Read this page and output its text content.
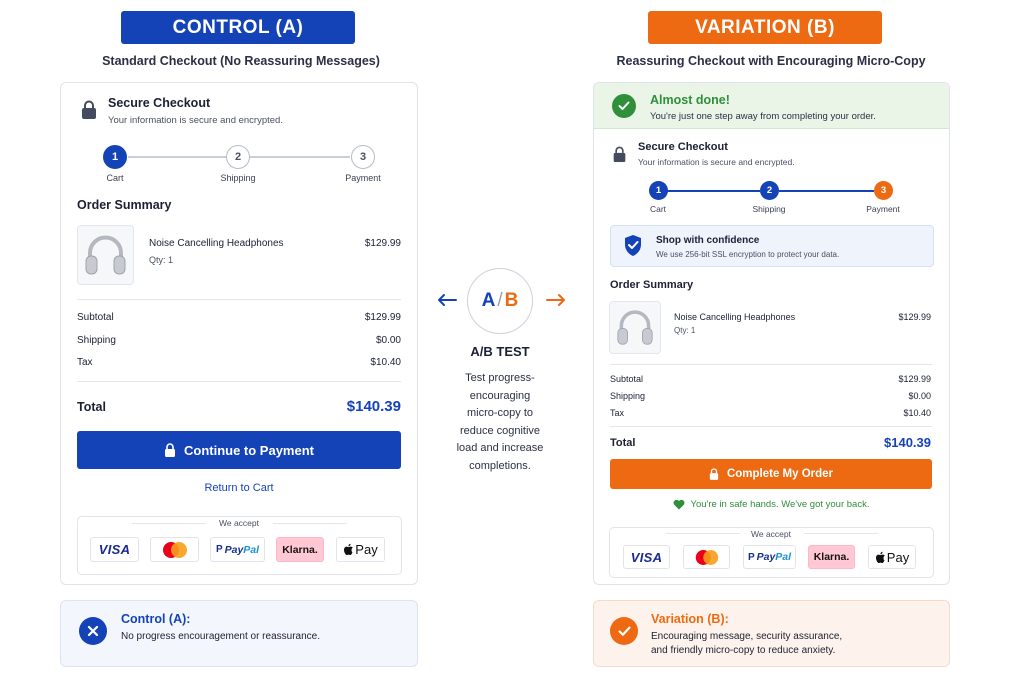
CONTROL (A)
Standard Checkout (No Reassuring Messages)
VARIATION (B)
Reassuring Checkout with Encouraging Micro-Copy
Secure Checkout
Your information is secure and encrypted.
1	2	3
Cart	Shipping	Payment
Order Summary
Noise Cancelling Headphones
Qty: 1
$129.99
Subtotal	$129.99
Shipping	$0.00
Tax	$10.40
Total	$140.39
Continue to Payment
Return to Cart
We accept
VISA	P PayPal Klarna.	Pay
Control (A):
No progress encouragement or reassurance.
A / B
A/B TEST
Test progress-
encouraging
micro-copy to
reduce cognitive
load and increase
completions.
Almost done!
You're just one step away from completing your order.
Secure Checkout
Your information is secure and encrypted.
1	2	3
Cart	Shipping	Payment
Shop with confidence
We use 256-bit SSL encryption to protect your data.
Order Summary
Noise Cancelling Headphones
Qty: 1
$129.99
Subtotal	$129.99
Shipping	$0.00
Tax	$10.40
Total	$140.39
Complete My Order
You're in safe hands. We've got your back.
We accept
VISA	P PayPal Klarna.	Pay
Variation (B):
Encouraging message, security assurance,
and friendly micro-copy to reduce anxiety.
